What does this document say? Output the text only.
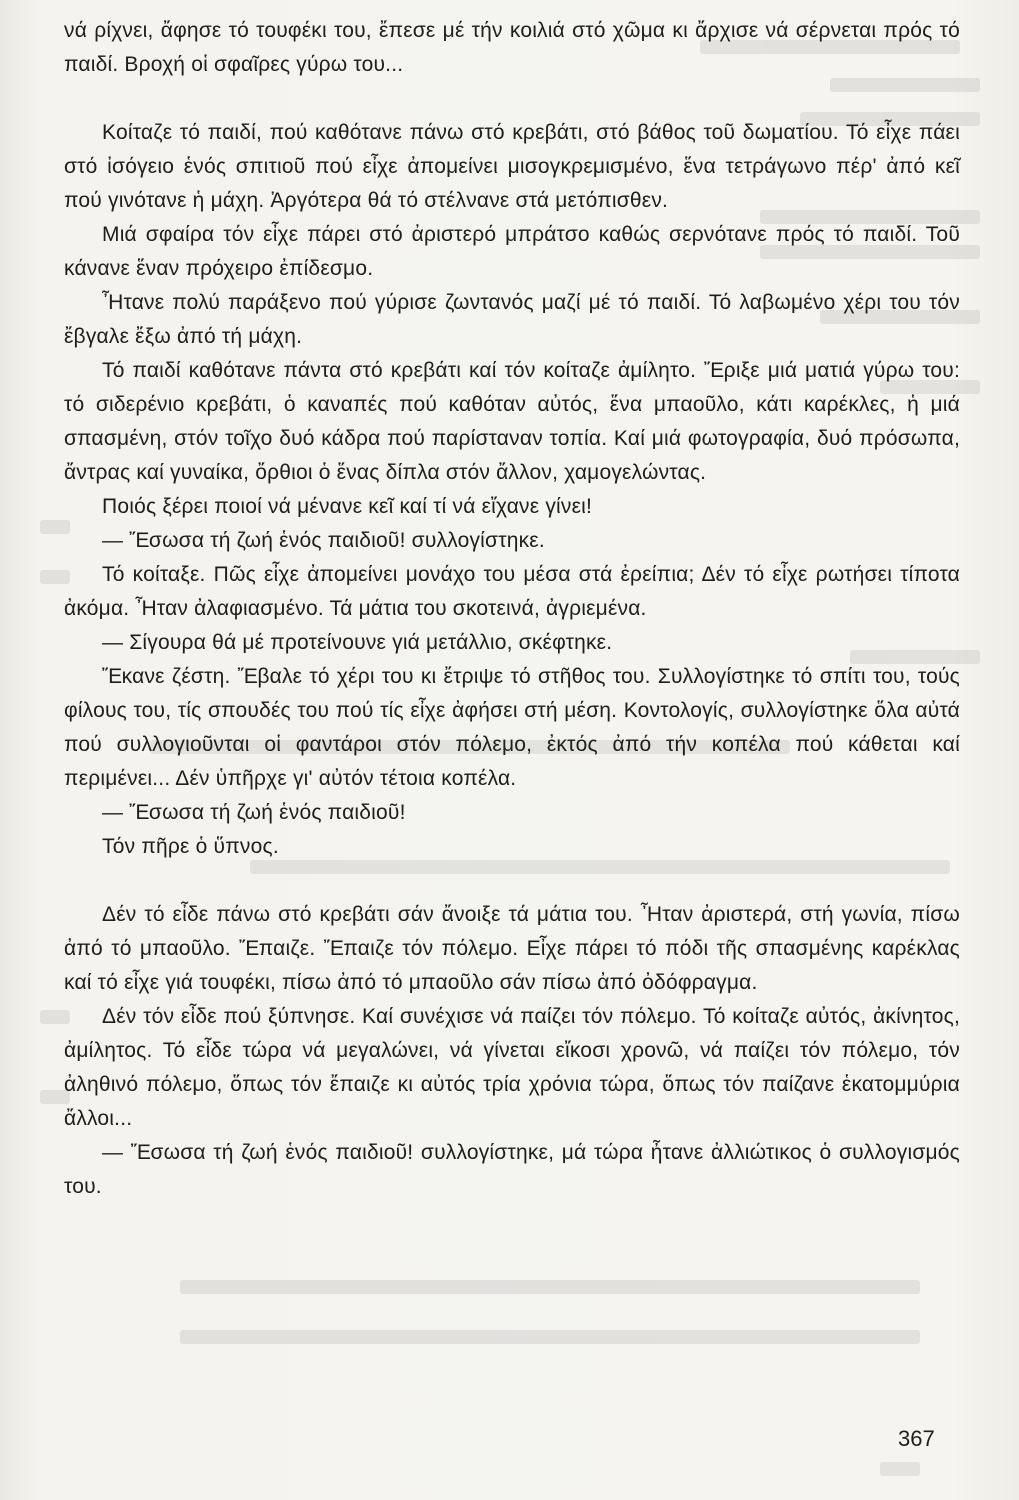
νά ρίχνει, ἄφησε τό τουφέκι του, ἔπεσε μέ τήν κοιλιά στό χῶμα κι ἄρχισε νά σέρνεται πρός τό παιδί. Βροχή οἱ σφαῖρες γύρω του...

Κοίταζε τό παιδί, πού καθότανε πάνω στό κρεβάτι, στό βάθος τοῦ δωματίου. Τό εἶχε πάει στό ἰσόγειο ἑνός σπιτιοῦ πού εἶχε ἀπομείνει μισογκρεμισμένο, ἕνα τετράγωνο πέρ' ἀπό κεῖ πού γινότανε ἡ μάχη. Ἀργότερα θά τό στέλνανε στά μετόπισθεν.

Μιά σφαίρα τόν εἶχε πάρει στό ἀριστερό μπράτσο καθώς σερνότανε πρός τό παιδί. Τοῦ κάνανε ἕναν πρόχειρο ἐπίδεσμο.

Ἦτανε πολύ παράξενο πού γύρισε ζωντανός μαζί μέ τό παιδί. Τό λαβωμένο χέρι του τόν ἔβγαλε ἔξω ἀπό τή μάχη.

Τό παιδί καθότανε πάντα στό κρεβάτι καί τόν κοίταζε ἀμίλητο. Ἔριξε μιά ματιά γύρω του: τό σιδερένιο κρεβάτι, ὁ καναπές πού καθόταν αὐτός, ἕνα μπαοῦλο, κάτι καρέκλες, ἡ μιά σπασμένη, στόν τοῖχο δυό κάδρα πού παρίσταναν τοπία. Καί μιά φωτογραφία, δυό πρόσωπα, ἄντρας καί γυναίκα, ὄρθιοι ὁ ἕνας δίπλα στόν ἄλλον, χαμογελώντας.

Ποιός ξέρει ποιοί νά μένανε κεῖ καί τί νά εἴχανε γίνει!

— Ἔσωσα τή ζωή ἑνός παιδιοῦ! συλλογίστηκε.

Τό κοίταξε. Πῶς εἶχε ἀπομείνει μονάχο του μέσα στά ἐρείπια; Δέν τό εἶχε ρωτήσει τίποτα ἀκόμα. Ἦταν ἀλαφιασμένο. Τά μάτια του σκοτεινά, ἀγριεμένα.

— Σίγουρα θά μέ προτείνουνε γιά μετάλλιο, σκέφτηκε.

Ἔκανε ζέστη. Ἔβαλε τό χέρι του κι ἔτριψε τό στῆθος του. Συλλογίστηκε τό σπίτι του, τούς φίλους του, τίς σπουδές του πού τίς εἶχε ἀφήσει στή μέση. Κοντολογίς, συλλογίστηκε ὅλα αὐτά πού συλλογιοῦνται οἱ φαντάροι στόν πόλεμο, ἐκτός ἀπό τήν κοπέλα πού κάθεται καί περιμένει... Δέν ὑπῆρχε γι' αὐτόν τέτοια κοπέλα.

— Ἔσωσα τή ζωή ἑνός παιδιοῦ!

Τόν πῆρε ὁ ὕπνος.

Δέν τό εἶδε πάνω στό κρεβάτι σάν ἄνοιξε τά μάτια του. Ἦταν ἀριστερά, στή γωνία, πίσω ἀπό τό μπαοῦλο. Ἔπαιζε. Ἔπαιζε τόν πόλεμο. Εἶχε πάρει τό πόδι τῆς σπασμένης καρέκλας καί τό εἶχε γιά τουφέκι, πίσω ἀπό τό μπαοῦλο σάν πίσω ἀπό ὀδόφραγμα.

Δέν τόν εἶδε πού ξύπνησε. Καί συνέχισε νά παίζει τόν πόλεμο. Τό κοίταζε αὐτός, ἀκίνητος, ἀμίλητος. Τό εἶδε τώρα νά μεγαλώνει, νά γίνεται εἴκοσι χρονῶ, νά παίζει τόν πόλεμο, τόν ἀληθινό πόλεμο, ὅπως τόν ἔπαιζε κι αὐτός τρία χρόνια τώρα, ὅπως τόν παίζανε ἑκατομμύρια ἄλλοι...

— Ἔσωσα τή ζωή ἑνός παιδιοῦ! συλλογίστηκε, μά τώρα ἦτανε ἀλλιώτικος ὁ συλλογισμός του.

367
